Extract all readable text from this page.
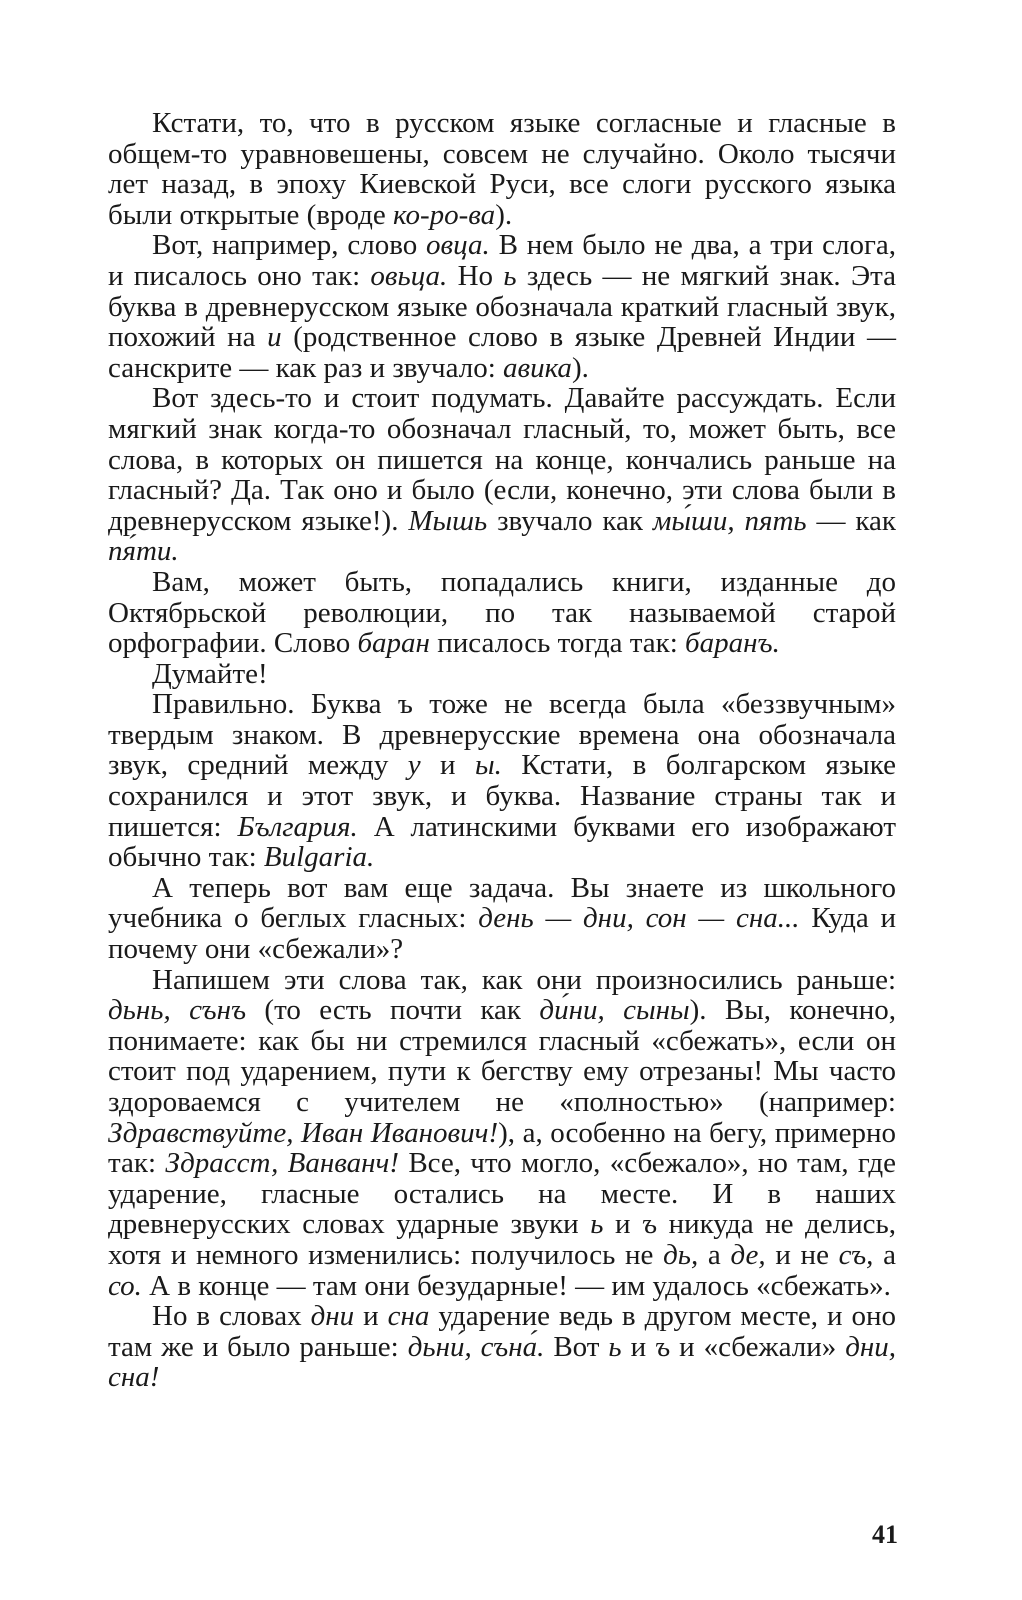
Кстати, то, что в русском языке согласные и гласные в общем-то уравновешены, совсем не случайно. Около тысячи лет назад, в эпоху Киевской Руси, все слоги русского языка были открытые (вроде ко-ро-ва).

Вот, например, слово овца. В нем было не два, а три слога, и писалось оно так: овьца. Но ь здесь — не мягкий знак. Эта буква в древнерусском языке обозначала краткий гласный звук, похожий на и (родственное слово в языке Древней Индии — санскрите — как раз и звучало: авика).

Вот здесь-то и стоит подумать. Давайте рассуждать. Если мягкий знак когда-то обозначал гласный, то, может быть, все слова, в которых он пишется на конце, кончались раньше на гласный? Да. Так оно и было (если, конечно, эти слова были в древнерусском языке!). Мышь звучало как мы́ши, пять — как пя́ти.

Вам, может быть, попадались книги, изданные до Октябрьской революции, по так называемой старой орфографии. Слово баран писалось тогда так: баранъ.

Думайте!

Правильно. Буква ъ тоже не всегда была «беззвучным» твердым знаком. В древнерусские времена она обозначала звук, средний между у и ы. Кстати, в болгарском языке сохранился и этот звук, и буква. Название страны так и пишется: България. А латинскими буквами его изображают обычно так: Bulgaria.

А теперь вот вам еще задача. Вы знаете из школьного учебника о беглых гласных: день — дни, сон — сна... Куда и почему они «сбежали»?

Напишем эти слова так, как они произносились раньше: дьнь, сънъ (то есть почти как ди́ни, сыны). Вы, конечно, понимаете: как бы ни стремился гласный «сбежать», если он стоит под ударением, пути к бегству ему отрезаны! Мы часто здороваемся с учителем не «полностью» (например: Здравствуйте, Иван Иванович!), а, особенно на бегу, примерно так: Здрасст, Ванванч! Все, что могло, «сбежало», но там, где ударение, гласные остались на месте. И в наших древнерусских словах ударные звуки ь и ъ никуда не делись, хотя и немного изменились: получилось не дь, а де, и не съ, а со. А в конце — там они безударные! — им удалось «сбежать».

Но в словах дни и сна ударение ведь в другом месте, и оно там же и было раньше: дьни́, съна́. Вот ь и ъ и «сбежали» дни, сна!

41
